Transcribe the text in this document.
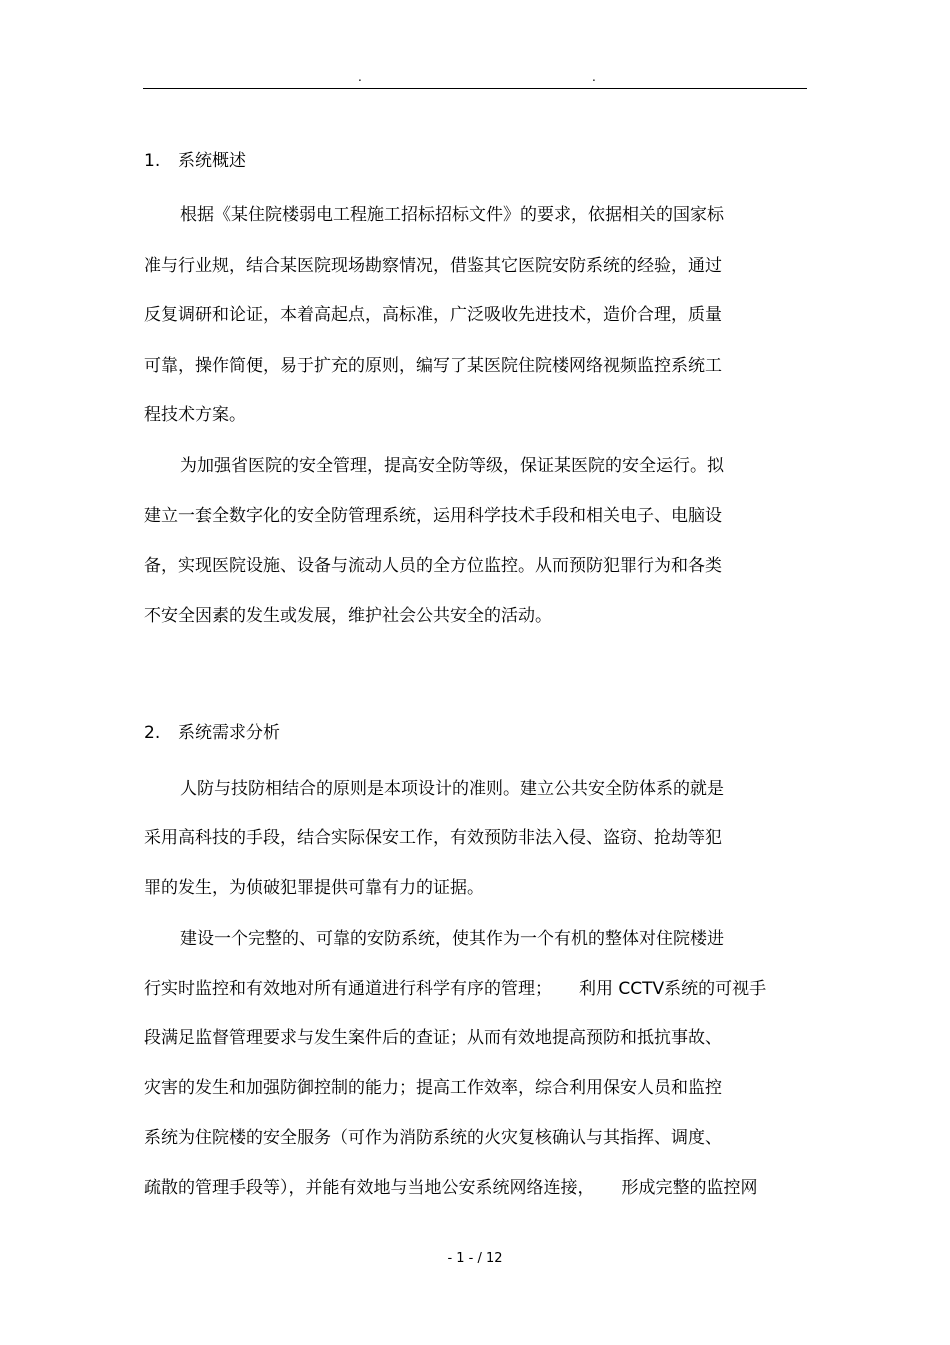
.	.
1. 系统概述
根据《某住院楼弱电工程施工招标招标文件》的要求，依据相关的国家标
准与行业规，结合某医院现场勘察情况，借鉴其它医院安防系统的经验，通过
反复调研和论证，本着高起点，高标准，广泛吸收先进技术，造价合理，质量
可靠，操作简便，易于扩充的原则，编写了某医院住院楼网络视频监控系统工
程技术方案。
为加强省医院的安全管理，提高安全防等级，保证某医院的安全运行。拟
建立一套全数字化的安全防管理系统，运用科学技术手段和相关电子、电脑设
备，实现医院设施、设备与流动人员的全方位监控。从而预防犯罪行为和各类
不安全因素的发生或发展，维护社会公共安全的活动。
2. 系统需求分析
人防与技防相结合的原则是本项设计的准则。建立公共安全防体系的就是
采用高科技的手段，结合实际保安工作，有效预防非法入侵、盗窃、抢劫等犯
罪的发生，为侦破犯罪提供可靠有力的证据。
建设一个完整的、可靠的安防系统，使其作为一个有机的整体对住院楼进
行实时监控和有效地对所有通道进行科学有序的管理；     利用 CCTV系统的可视手
段满足监督管理要求与发生案件后的查证；从而有效地提高预防和抵抗事故、
灾害的发生和加强防御控制的能力；提高工作效率，综合利用保安人员和监控
系统为住院楼的安全服务（可作为消防系统的火灾复核确认与其指挥、调度、
疏散的管理手段等），并能有效地与当地公安系统网络连接，     形成完整的监控网
- 1 - / 12
